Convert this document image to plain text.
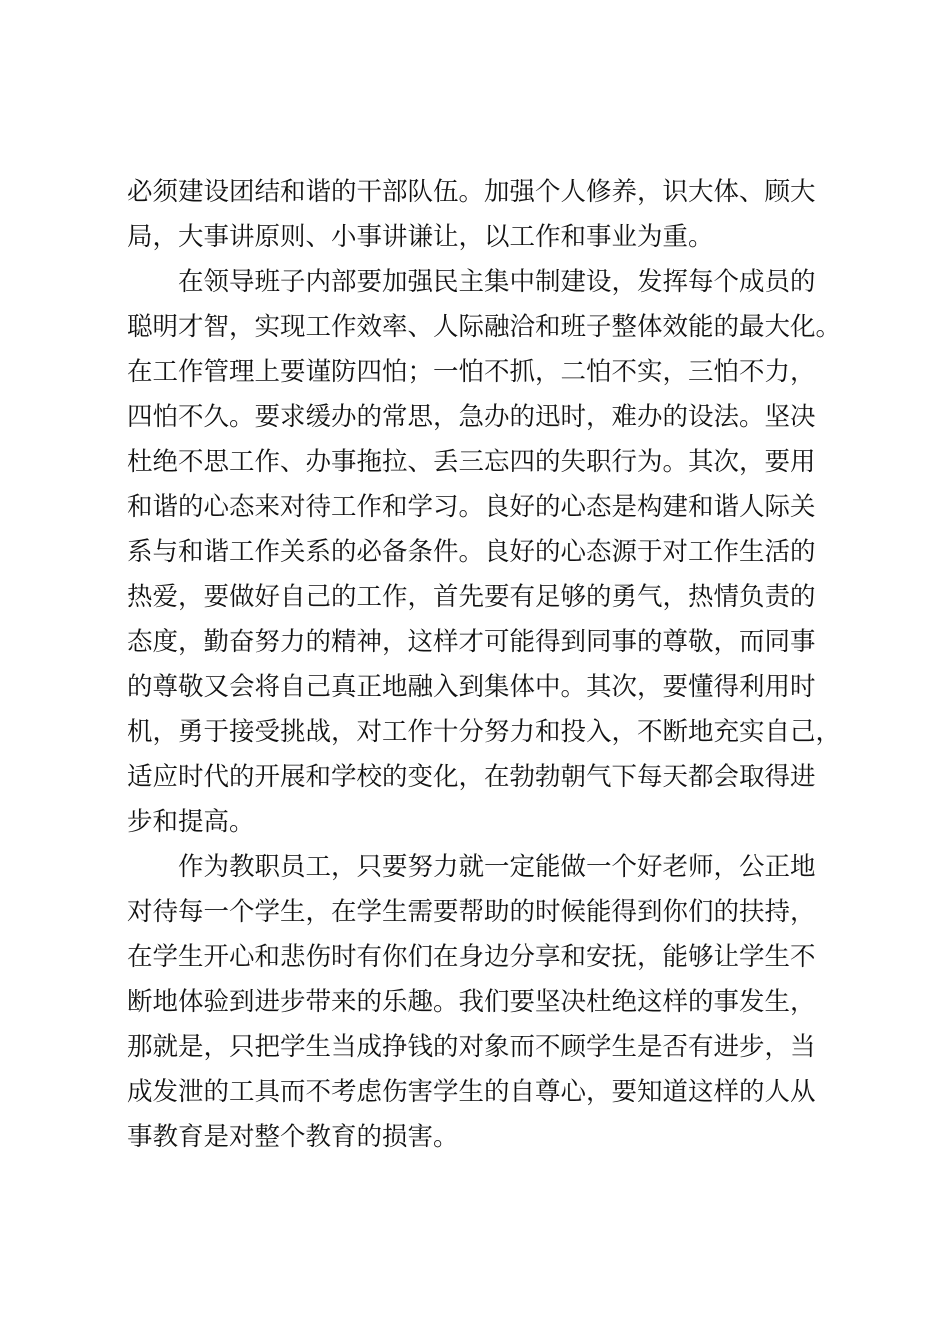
必须建设团结和谐的干部队伍。加强个人修养，识大体、顾大
局，大事讲原则、小事讲谦让，以工作和事业为重。
在领导班子内部要加强民主集中制建设，发挥每个成员的
聪明才智，实现工作效率、人际融洽和班子整体效能的最大化。
在工作管理上要谨防四怕；一怕不抓，二怕不实，三怕不力，
四怕不久。要求缓办的常思，急办的迅时，难办的设法。坚决
杜绝不思工作、办事拖拉、丢三忘四的失职行为。其次，要用
和谐的心态来对待工作和学习。良好的心态是构建和谐人际关
系与和谐工作关系的必备条件。良好的心态源于对工作生活的
热爱，要做好自己的工作，首先要有足够的勇气，热情负责的
态度，勤奋努力的精神，这样才可能得到同事的尊敬，而同事
的尊敬又会将自己真正地融入到集体中。其次，要懂得利用时
机，勇于接受挑战，对工作十分努力和投入，不断地充实自己，
适应时代的开展和学校的变化，在勃勃朝气下每天都会取得进
步和提高。
作为教职员工，只要努力就一定能做一个好老师，公正地
对待每一个学生，在学生需要帮助的时候能得到你们的扶持，
在学生开心和悲伤时有你们在身边分享和安抚，能够让学生不
断地体验到进步带来的乐趣。我们要坚决杜绝这样的事发生，
那就是，只把学生当成挣钱的对象而不顾学生是否有进步，当
成发泄的工具而不考虑伤害学生的自尊心，要知道这样的人从
事教育是对整个教育的损害。
